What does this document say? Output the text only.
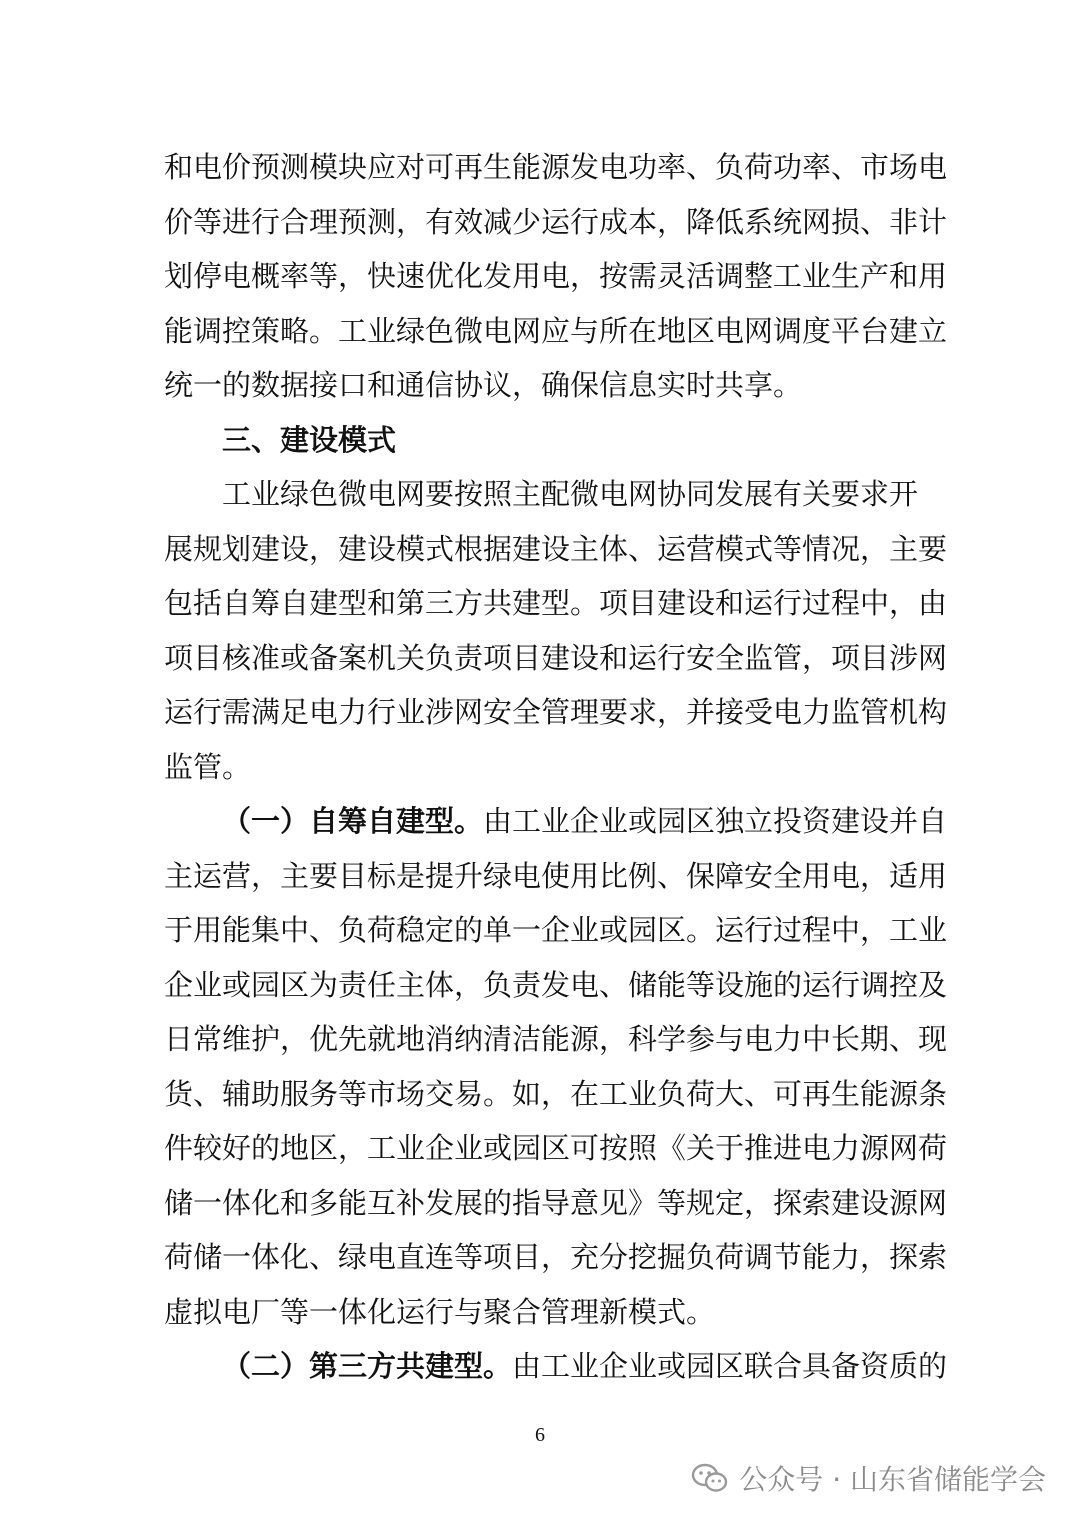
和电价预测模块应对可再生能源发电功率、负荷功率、市场电
价等进行合理预测，有效减少运行成本，降低系统网损、非计
划停电概率等，快速优化发用电，按需灵活调整工业生产和用
能调控策略。工业绿色微电网应与所在地区电网调度平台建立
统一的数据接口和通信协议，确保信息实时共享。
三、建设模式
工业绿色微电网要按照主配微电网协同发展有关要求开
展规划建设，建设模式根据建设主体、运营模式等情况，主要
包括自筹自建型和第三方共建型。项目建设和运行过程中，由
项目核准或备案机关负责项目建设和运行安全监管，项目涉网
运行需满足电力行业涉网安全管理要求，并接受电力监管机构
监管。
（一）自筹自建型。由工业企业或园区独立投资建设并自
主运营，主要目标是提升绿电使用比例、保障安全用电，适用
于用能集中、负荷稳定的单一企业或园区。运行过程中，工业
企业或园区为责任主体，负责发电、储能等设施的运行调控及
日常维护，优先就地消纳清洁能源，科学参与电力中长期、现
货、辅助服务等市场交易。如，在工业负荷大、可再生能源条
件较好的地区，工业企业或园区可按照《关于推进电力源网荷
储一体化和多能互补发展的指导意见》等规定，探索建设源网
荷储一体化、绿电直连等项目，充分挖掘负荷调节能力，探索
虚拟电厂等一体化运行与聚合管理新模式。
（二）第三方共建型。由工业企业或园区联合具备资质的
6
公众号 · 山东省储能学会
